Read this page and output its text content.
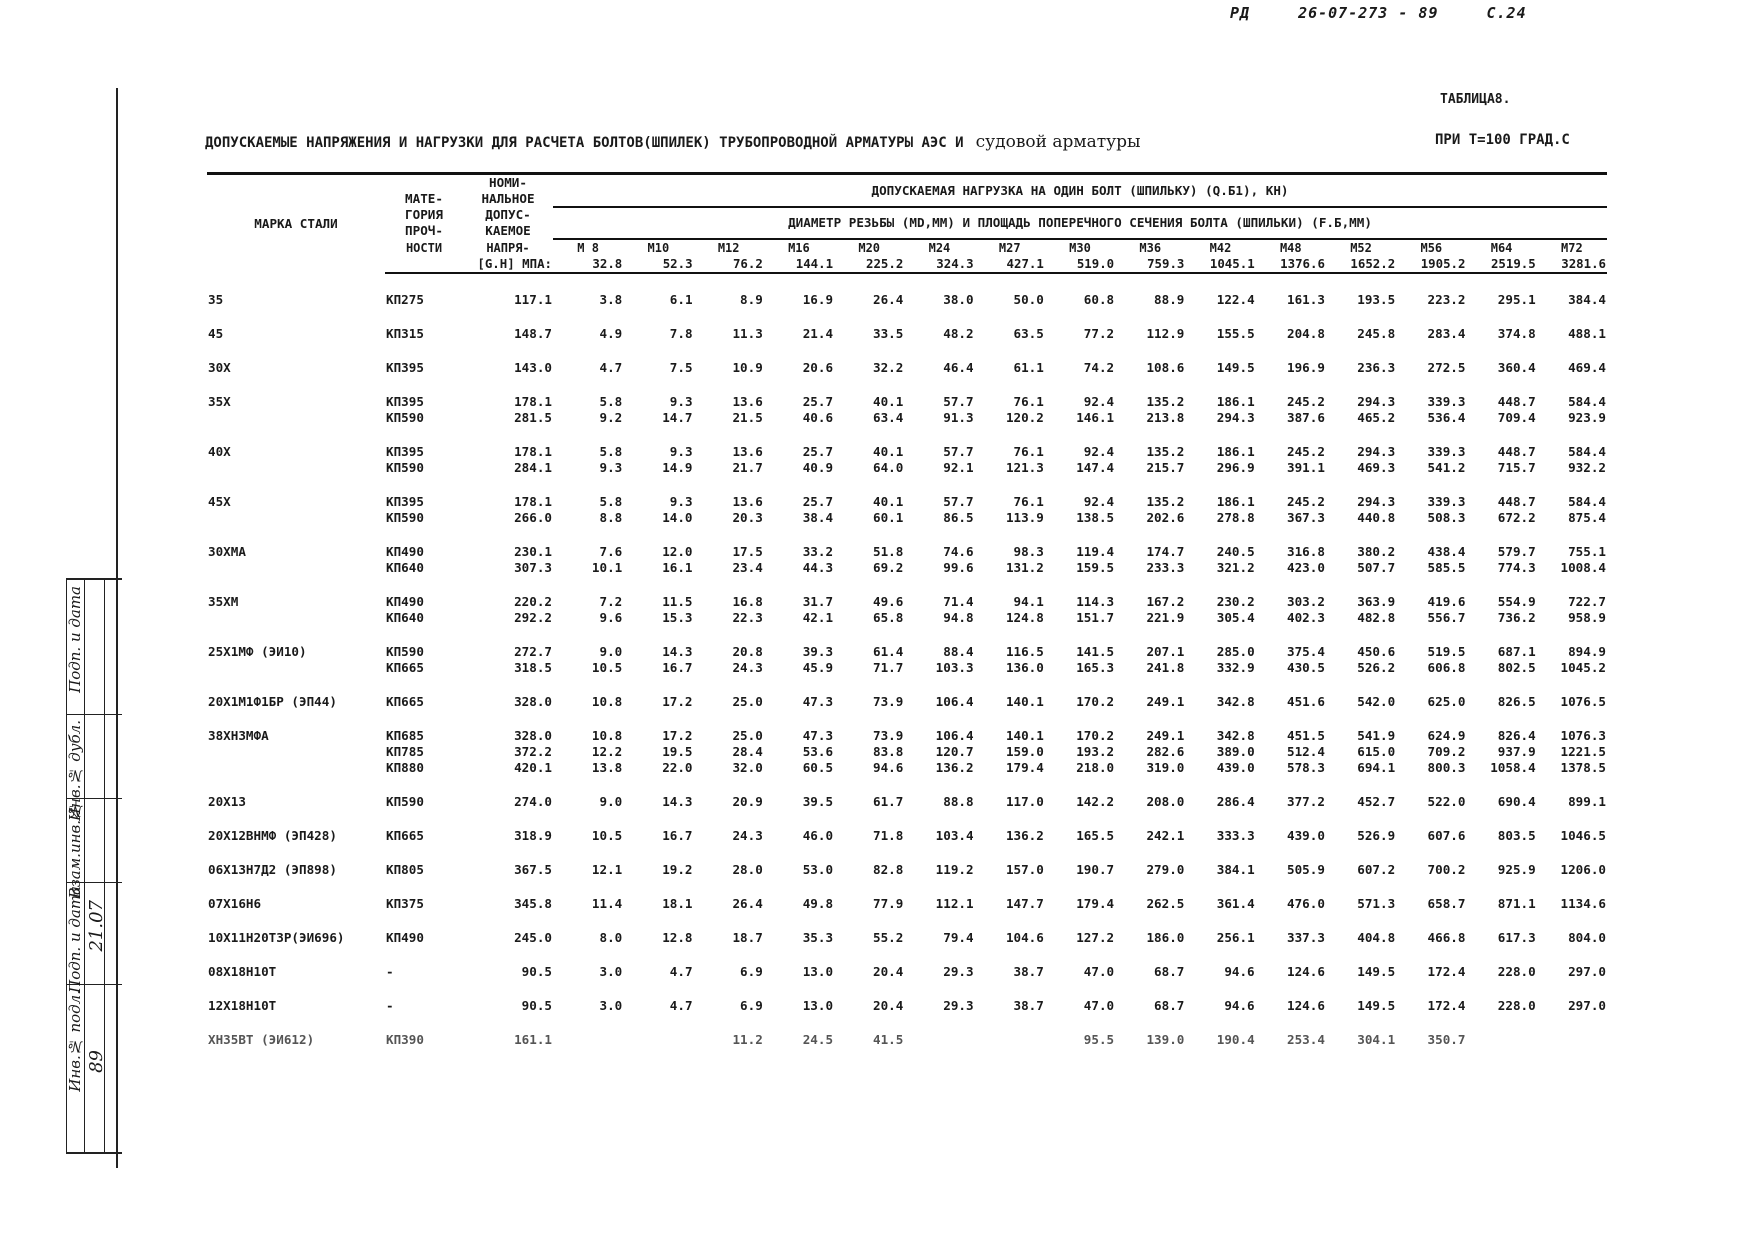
РД	26-07-273 - 89	С.24
ТАБЛИЦА8.
ДОПУСКАЕМЫЕ НАПРЯЖЕНИЯ И НАГРУЗКИ ДЛЯ РАСЧЕТА БОЛТОВ(ШПИЛЕК) ТРУБОПРОВОДНОЙ АРМАТУРЫ АЭС И судовой арматуры	ПРИ Т=100 ГРАД.С
Подп. и дата
Инв.№ дубл.
Взам.инв.№
Подп. и дата
Инв.№ подл.
21.07
89
МАРКА СТАЛИ		НОМИ-	ДОПУСКАЕМАЯ НАГРУЗКА НА ОДИН БОЛТ (ШПИЛЬКУ) (Q.Б1), КН)														
	МАТЕ-	НАЛЬНОЕ															
	ГОРИЯ	ДОПУС-	ДИАМЕТР РЕЗЬБЫ (МD,ММ) И ПЛОЩАДЬ ПОПЕРЕЧНОГО СЕЧЕНИЯ БОЛТА (ШПИЛЬКИ) (F.Б,ММ)														
	ПРОЧ-	КАЕМОЕ															
	НОСТИ	НАПРЯ-	М 8	М10	М12	М16	М20	М24	М27	М30	М36	М42	М48	М52	М56	М64	М72
		[G.H] МПА:	32.8	52.3	76.2	144.1	225.2	324.3	427.1	519.0	759.3	1045.1	1376.6	1652.2	1905.2	2519.5	3281.6
35	КП275	117.1	3.8	6.1	8.9	16.9	26.4	38.0	50.0	60.8	88.9	122.4	161.3	193.5	223.2	295.1	384.4
45	КП315	148.7	4.9	7.8	11.3	21.4	33.5	48.2	63.5	77.2	112.9	155.5	204.8	245.8	283.4	374.8	488.1
30Х	КП395	143.0	4.7	7.5	10.9	20.6	32.2	46.4	61.1	74.2	108.6	149.5	196.9	236.3	272.5	360.4	469.4
35Х	КП395	178.1	5.8	9.3	13.6	25.7	40.1	57.7	76.1	92.4	135.2	186.1	245.2	294.3	339.3	448.7	584.4
	КП590	281.5	9.2	14.7	21.5	40.6	63.4	91.3	120.2	146.1	213.8	294.3	387.6	465.2	536.4	709.4	923.9
40Х	КП395	178.1	5.8	9.3	13.6	25.7	40.1	57.7	76.1	92.4	135.2	186.1	245.2	294.3	339.3	448.7	584.4
	КП590	284.1	9.3	14.9	21.7	40.9	64.0	92.1	121.3	147.4	215.7	296.9	391.1	469.3	541.2	715.7	932.2
45Х	КП395	178.1	5.8	9.3	13.6	25.7	40.1	57.7	76.1	92.4	135.2	186.1	245.2	294.3	339.3	448.7	584.4
	КП590	266.0	8.8	14.0	20.3	38.4	60.1	86.5	113.9	138.5	202.6	278.8	367.3	440.8	508.3	672.2	875.4
30ХМА	КП490	230.1	7.6	12.0	17.5	33.2	51.8	74.6	98.3	119.4	174.7	240.5	316.8	380.2	438.4	579.7	755.1
	КП640	307.3	10.1	16.1	23.4	44.3	69.2	99.6	131.2	159.5	233.3	321.2	423.0	507.7	585.5	774.3	1008.4
35ХМ	КП490	220.2	7.2	11.5	16.8	31.7	49.6	71.4	94.1	114.3	167.2	230.2	303.2	363.9	419.6	554.9	722.7
	КП640	292.2	9.6	15.3	22.3	42.1	65.8	94.8	124.8	151.7	221.9	305.4	402.3	482.8	556.7	736.2	958.9
25Х1МФ (ЭИ10)	КП590	272.7	9.0	14.3	20.8	39.3	61.4	88.4	116.5	141.5	207.1	285.0	375.4	450.6	519.5	687.1	894.9
	КП665	318.5	10.5	16.7	24.3	45.9	71.7	103.3	136.0	165.3	241.8	332.9	430.5	526.2	606.8	802.5	1045.2
20Х1М1Ф1БР (ЭП44)	КП665	328.0	10.8	17.2	25.0	47.3	73.9	106.4	140.1	170.2	249.1	342.8	451.6	542.0	625.0	826.5	1076.5
38ХН3МФА	КП685	328.0	10.8	17.2	25.0	47.3	73.9	106.4	140.1	170.2	249.1	342.8	451.5	541.9	624.9	826.4	1076.3
	КП785	372.2	12.2	19.5	28.4	53.6	83.8	120.7	159.0	193.2	282.6	389.0	512.4	615.0	709.2	937.9	1221.5
	КП880	420.1	13.8	22.0	32.0	60.5	94.6	136.2	179.4	218.0	319.0	439.0	578.3	694.1	800.3	1058.4	1378.5
20Х13	КП590	274.0	9.0	14.3	20.9	39.5	61.7	88.8	117.0	142.2	208.0	286.4	377.2	452.7	522.0	690.4	899.1
20Х12ВНМФ (ЭП428)	КП665	318.9	10.5	16.7	24.3	46.0	71.8	103.4	136.2	165.5	242.1	333.3	439.0	526.9	607.6	803.5	1046.5
06Х13Н7Д2 (ЭП898)	КП805	367.5	12.1	19.2	28.0	53.0	82.8	119.2	157.0	190.7	279.0	384.1	505.9	607.2	700.2	925.9	1206.0
07Х16Н6	КП375	345.8	11.4	18.1	26.4	49.8	77.9	112.1	147.7	179.4	262.5	361.4	476.0	571.3	658.7	871.1	1134.6
10Х11Н20Т3Р(ЭИ696)	КП490	245.0	8.0	12.8	18.7	35.3	55.2	79.4	104.6	127.2	186.0	256.1	337.3	404.8	466.8	617.3	804.0
08Х18Н10Т	-	90.5	3.0	4.7	6.9	13.0	20.4	29.3	38.7	47.0	68.7	94.6	124.6	149.5	172.4	228.0	297.0
12Х18Н10Т	-	90.5	3.0	4.7	6.9	13.0	20.4	29.3	38.7	47.0	68.7	94.6	124.6	149.5	172.4	228.0	297.0
ХН35ВТ (ЭИ612)	КП390	161.1			11.2	24.5	41.5			95.5	139.0	190.4	253.4	304.1	350.7		
